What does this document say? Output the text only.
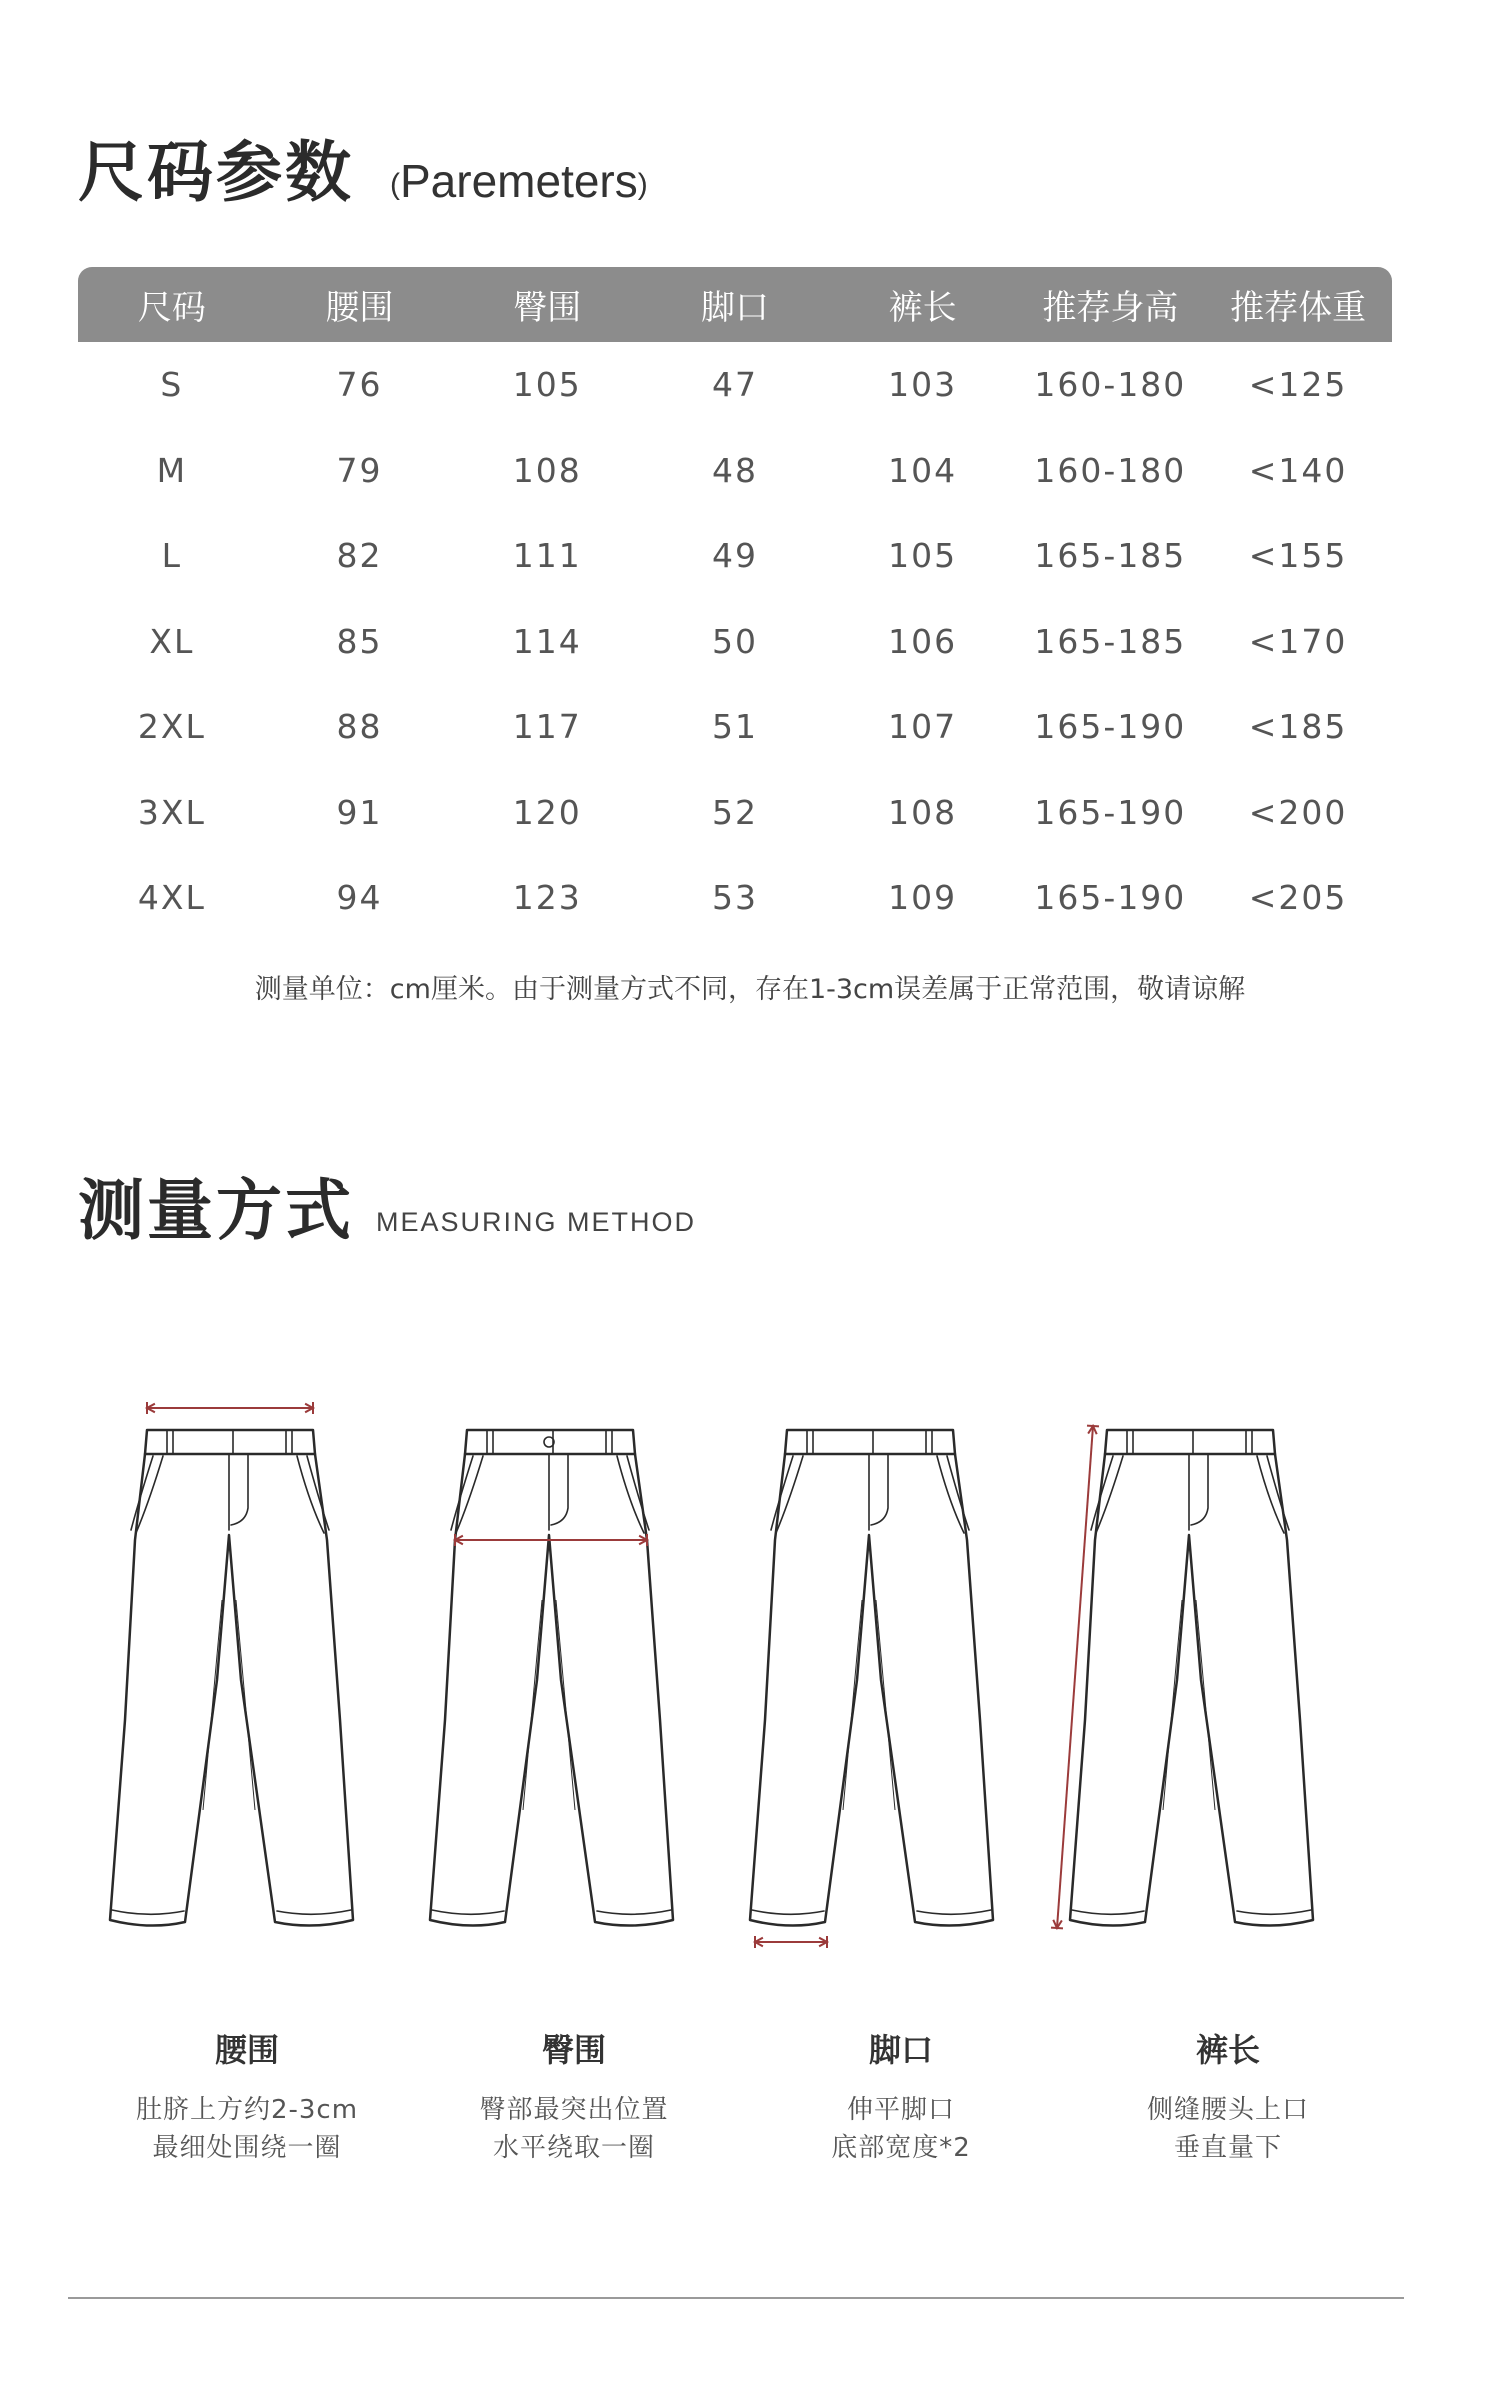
尺码参数 (Paremeters)
尺码	腰围	臀围	脚口	裤长	推荐身高	推荐体重
S	76	105	47	103	160-180	<125
M	79	108	48	104	160-180	<140
L	82	111	49	105	165-185	<155
XL	85	114	50	106	165-185	<170
2XL	88	117	51	107	165-190	<185
3XL	91	120	52	108	165-190	<200
4XL	94	123	53	109	165-190	<205
测量单位：cm厘米。由于测量方式不同，存在1-3cm误差属于正常范围，敬请谅解
测量方式 MEASURING METHOD
腰围
肚脐上方约2-3cm
最细处围绕一圈
臀围
臀部最突出位置
水平绕取一圈
脚口
伸平脚口
底部宽度*2
裤长
侧缝腰头上口
垂直量下
